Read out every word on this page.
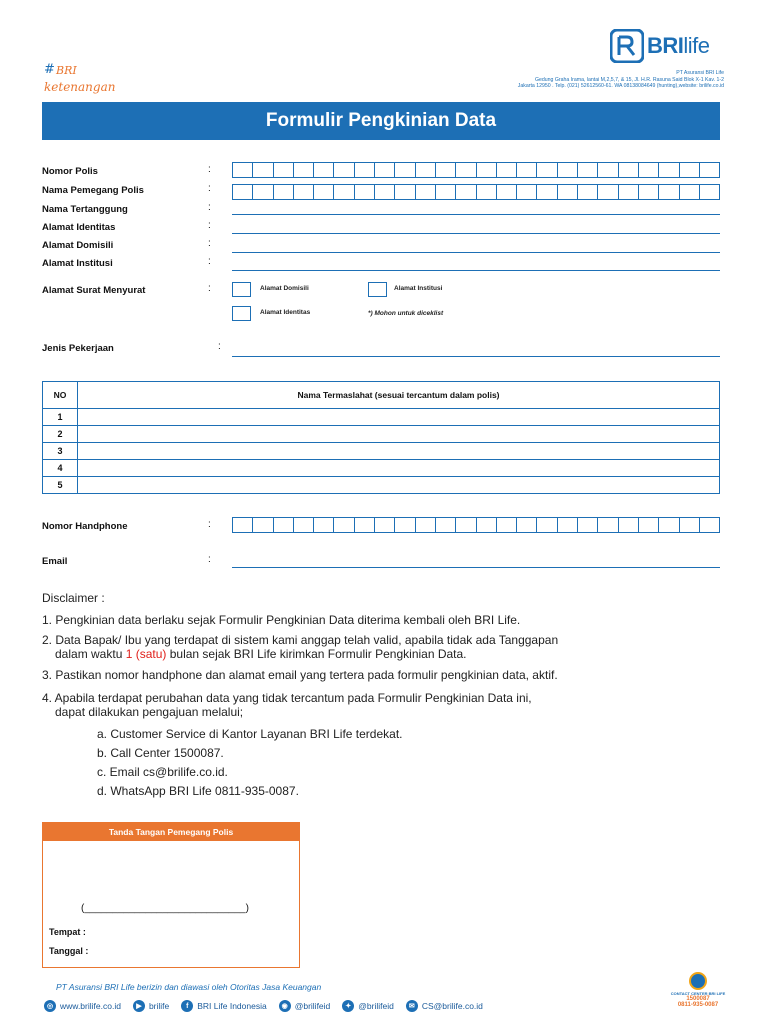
# BRI
ketenangan
BRIlife
PT Asuransi BRI Life
Gedung Graha Irama, lantai M,2,5,7, & 15, Jl. H.R. Rasuna Said Blok X-1 Kav. 1-2
Jakarta 12950 . Telp. (021) 52612560-61. WA 08138084649 (hunting),website: brilife.co.id
Formulir Pengkinian Data
Nomor Polis	:
Nama Pemegang Polis	:
Nama Tertanggung	:
Alamat Identitas	:
Alamat Domisili	:
Alamat Institusi	:
Alamat Surat Menyurat	:	Alamat Domisili	Alamat Institusi
Alamat Identitas	*) Mohon untuk diceklist
Jenis Pekerjaan	:
NO	Nama Termaslahat (sesuai tercantum dalam polis)
1	
2	
3	
4	
5	
Nomor Handphone	:
Email	:
Disclaimer :
1. Pengkinian data berlaku sejak Formulir Pengkinian Data diterima kembali oleh BRI Life.
2. Data Bapak/ Ibu yang terdapat di sistem kami anggap telah valid, apabila tidak ada Tanggapan
dalam waktu 1 (satu) bulan sejak BRI Life kirimkan Formulir Pengkinian Data.
3. Pastikan nomor handphone dan alamat email yang tertera pada formulir pengkinian data, aktif.
4. Apabila terdapat perubahan data yang tidak tercantum pada Formulir Pengkinian Data ini,
dapat dilakukan pengajuan melalui;
a. Customer Service di Kantor Layanan BRI Life terdekat.
b. Call Center 1500087.
c. Email cs@brilife.co.id.
d. WhatsApp BRI Life 0811-935-0087.
Tanda Tangan Pemegang Polis
(_____________________________)
Tempat :
Tanggal :
PT Asuransi BRI Life berizin dan diawasi oleh Otoritas Jasa Keuangan
◎ www.brilife.co.id	▶ brilife	f	BRI Life Indonesia	◉ @brilifeid	✦ @brilifeid	✉ CS@brilife.co.id
CONTACT CENTER BRI LIFE
1500087
0811-935-0087
